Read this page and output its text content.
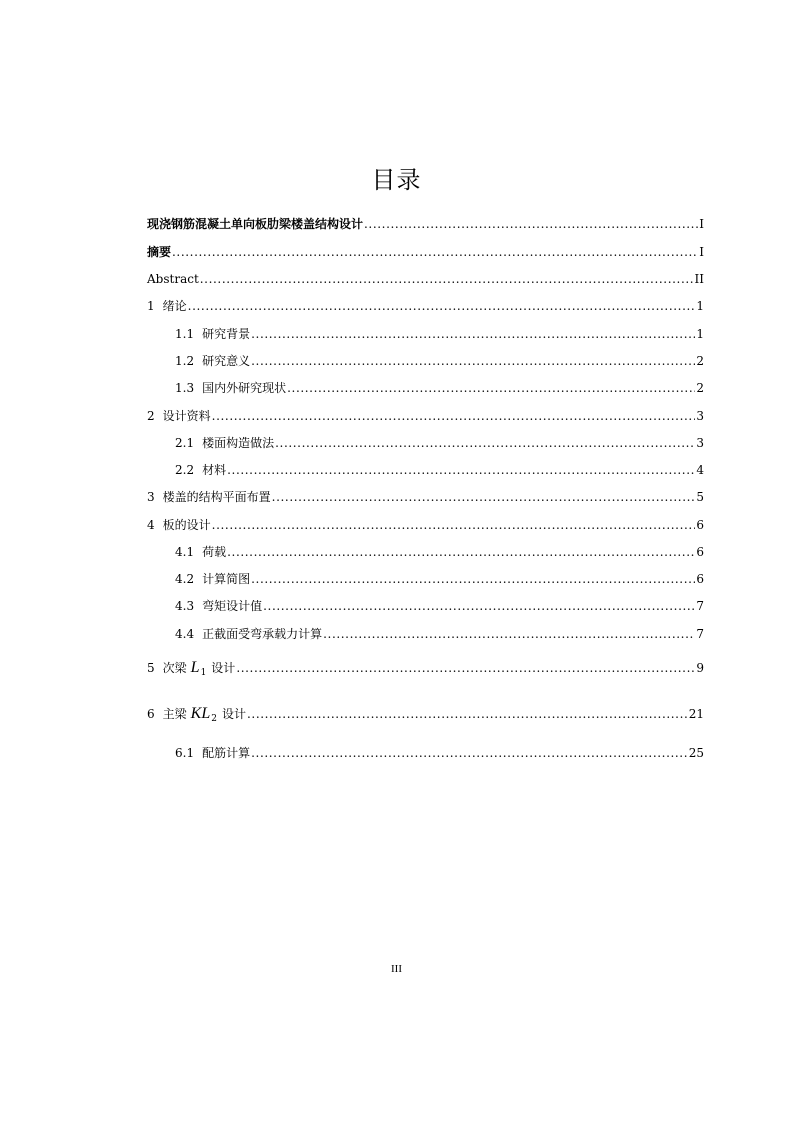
目录
现浇钢筋混凝土单向板肋梁楼盖结构设计 .....	I
摘要 .....	I
Abstract .....	II
1 绪论 .....	1
1.1 研究背景 .....	1
1.2 研究意义 .....	2
1.3 国内外研究现状 .....	2
2 设计资料 .....	3
2.1 楼面构造做法 .....	3
2.2 材料 .....	4
3 楼盖的结构平面布置 .....	5
4 板的设计 .....	6
4.1 荷载 .....	6
4.2 计算简图 .....	6
4.3 弯矩设计值 .....	7
4.4 正截面受弯承载力计算 .....	7
5 次梁 L 1 设计 .....	9
6 主梁 KL 2 设计 .....	21
6.1 配筋计算 .....	25
III
